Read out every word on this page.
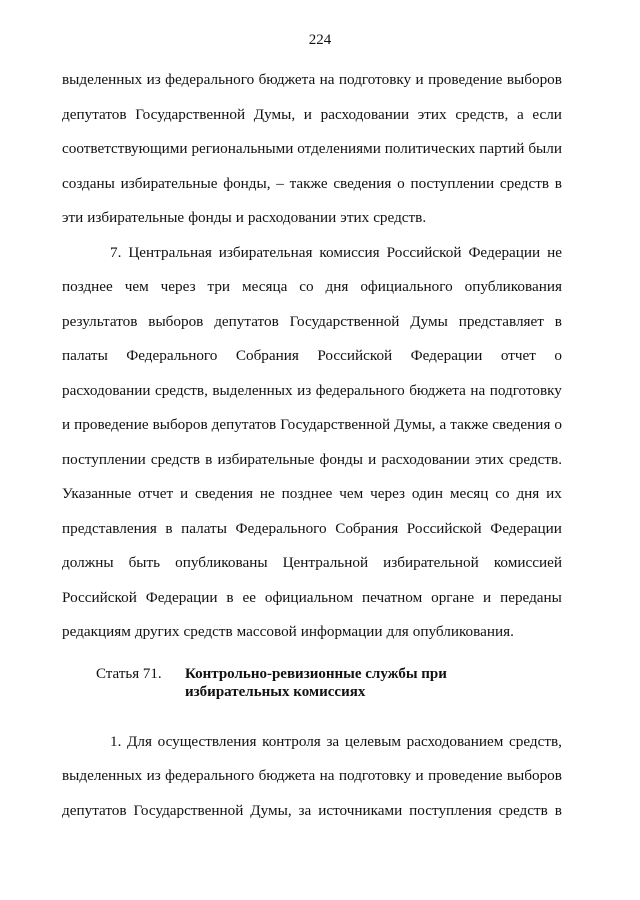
224
выделенных из федерального бюджета на подготовку и проведение выборов
депутатов Государственной Думы, и расходовании этих средств, а если
соответствующими региональными отделениями политических партий были
созданы избирательные фонды, – также сведения о поступлении средств в
эти избирательные фонды и расходовании этих средств.
7. Центральная избирательная комиссия Российской Федерации не
позднее чем через три месяца со дня официального опубликования
результатов выборов депутатов Государственной Думы представляет в
палаты Федерального Собрания Российской Федерации отчет о
расходовании средств, выделенных из федерального бюджета на подготовку
и проведение выборов депутатов Государственной Думы, а также сведения о
поступлении средств в избирательные фонды и расходовании этих средств.
Указанные отчет и сведения не позднее чем через один месяц со дня их
представления в палаты Федерального Собрания Российской Федерации
должны быть опубликованы Центральной избирательной комиссией
Российской Федерации в ее официальном печатном органе и переданы
редакциям других средств массовой информации для опубликования.
Статья 71. Контрольно-ревизионные службы при
избирательных комиссиях
1. Для осуществления контроля за целевым расходованием средств,
выделенных из федерального бюджета на подготовку и проведение выборов
депутатов Государственной Думы, за источниками поступления средств в
